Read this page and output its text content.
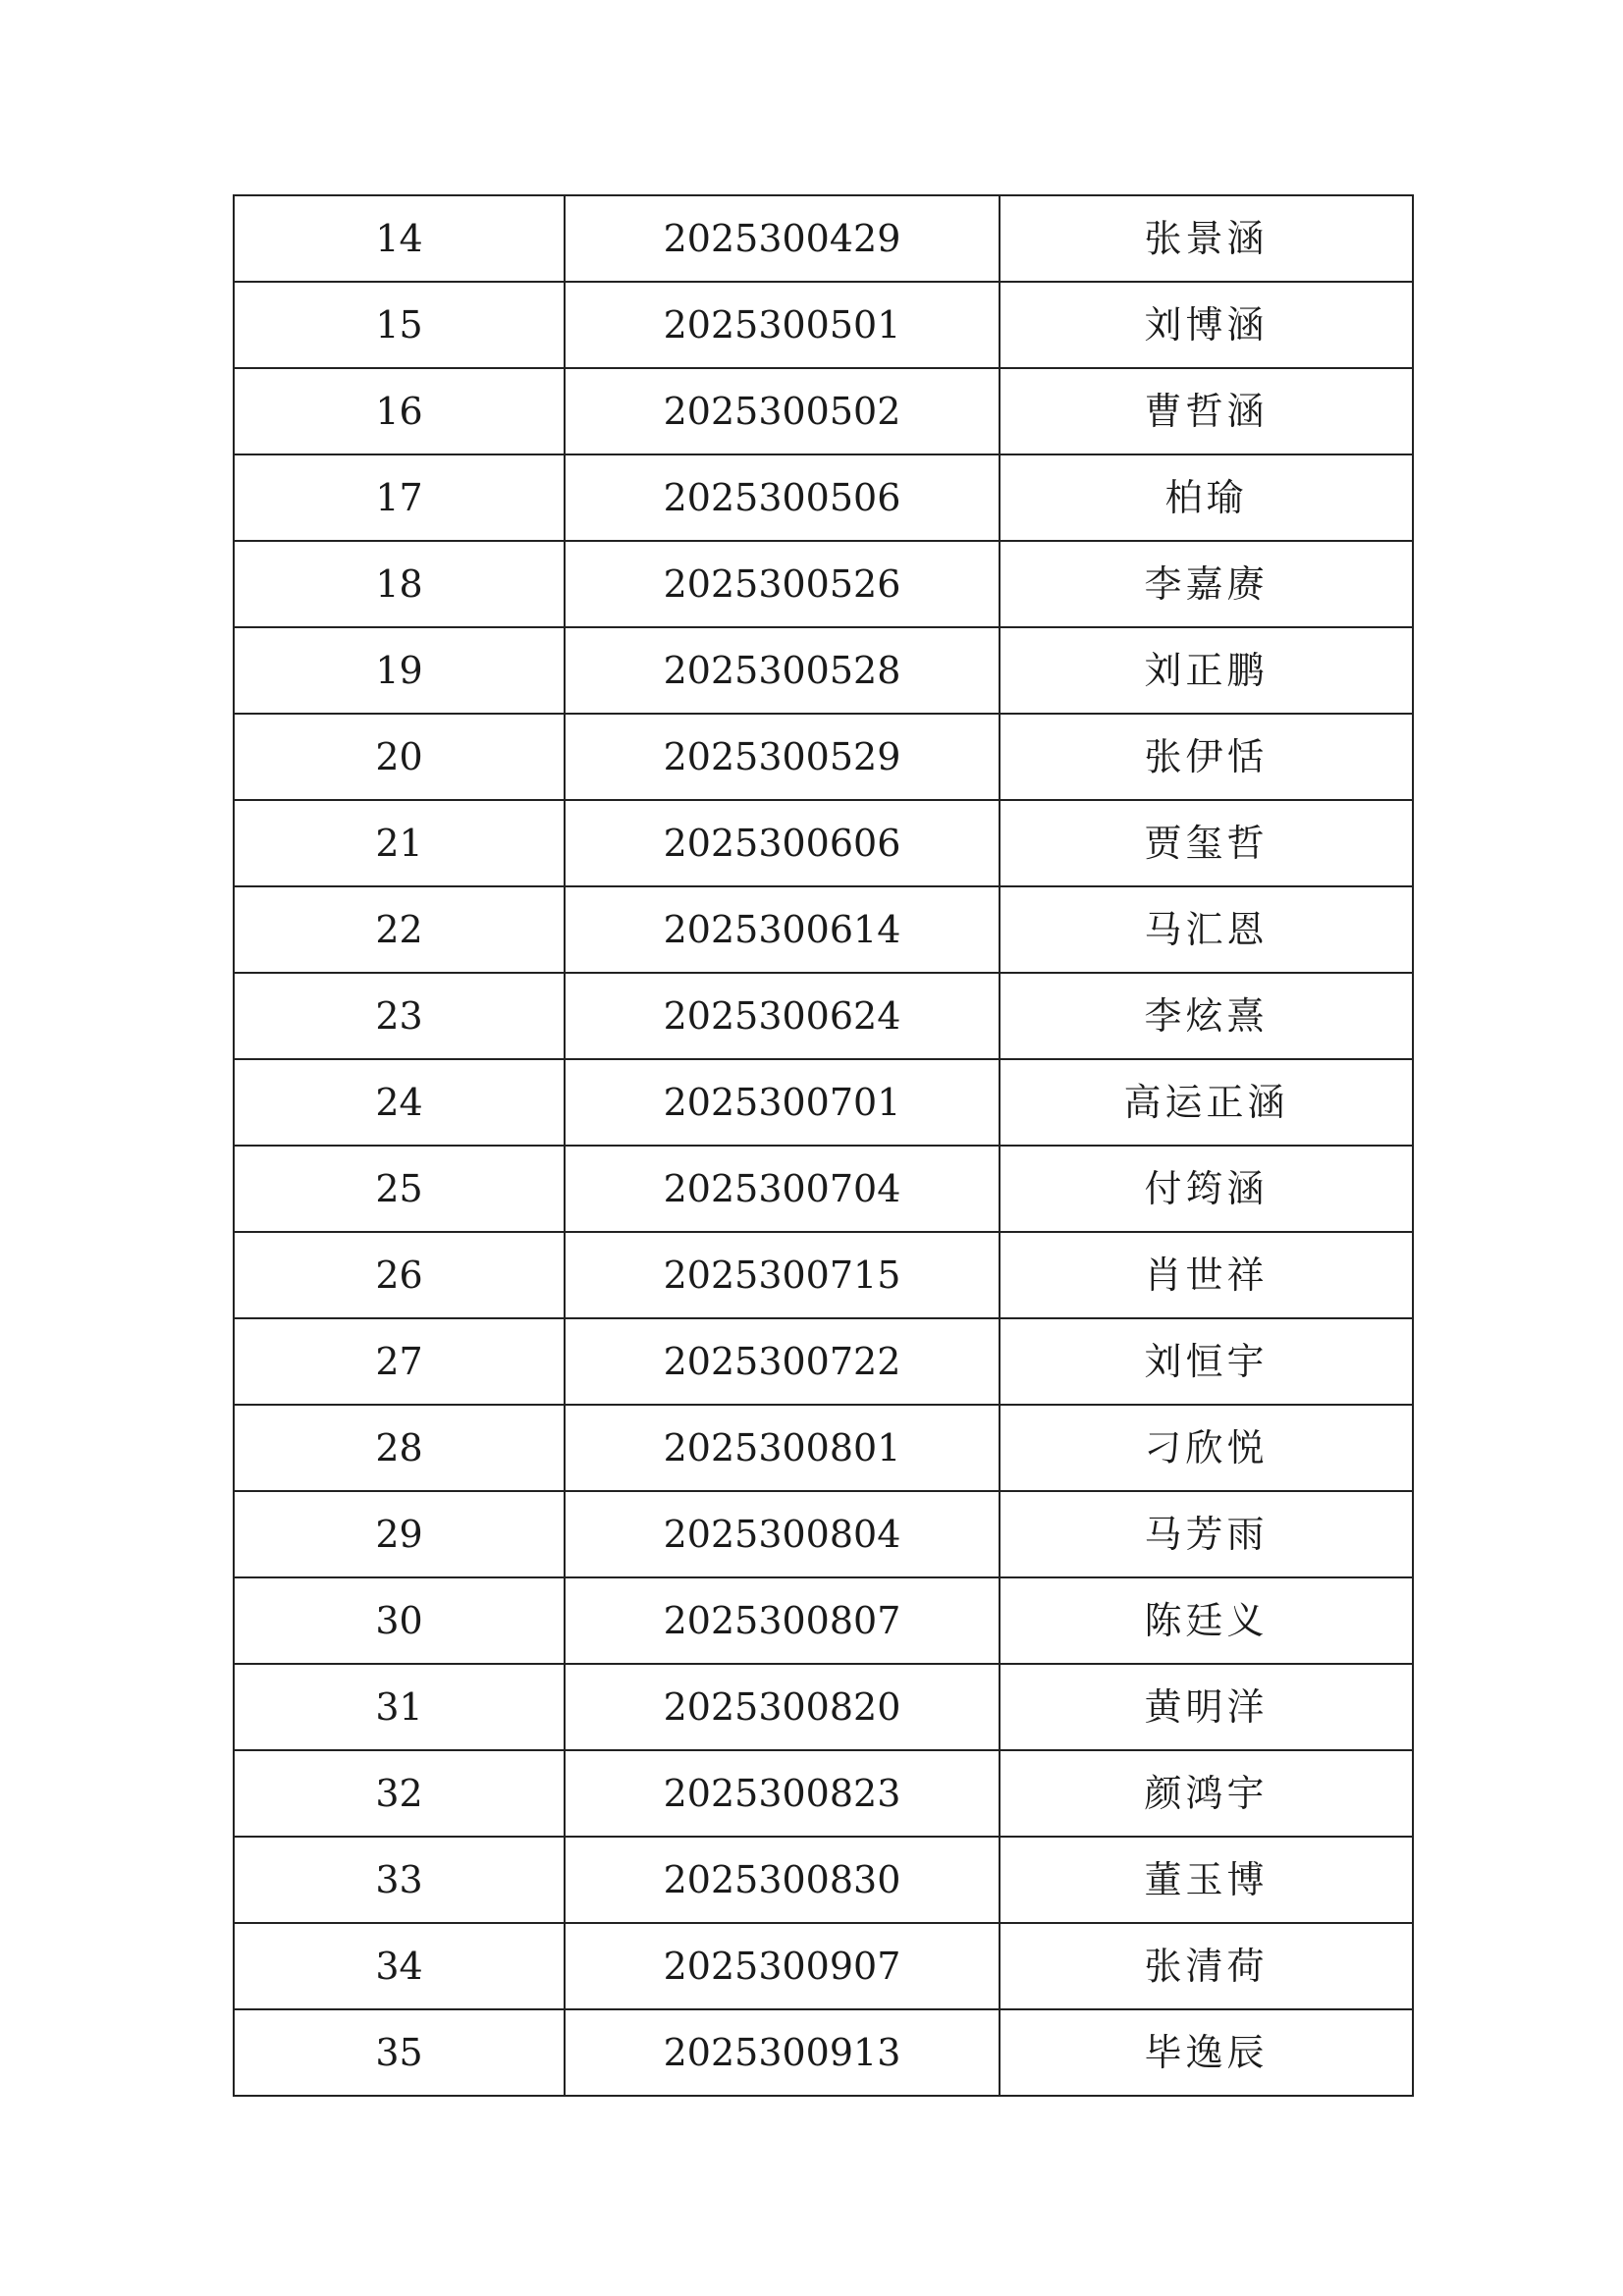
14	2025300429	张景涵
15	2025300501	刘博涵
16	2025300502	曹哲涵
17	2025300506	柏瑜
18	2025300526	李嘉赓
19	2025300528	刘正鹏
20	2025300529	张伊恬
21	2025300606	贾玺哲
22	2025300614	马汇恩
23	2025300624	李炫熹
24	2025300701	高运正涵
25	2025300704	付筠涵
26	2025300715	肖世祥
27	2025300722	刘恒宇
28	2025300801	刁欣悦
29	2025300804	马芳雨
30	2025300807	陈廷义
31	2025300820	黄明洋
32	2025300823	颜鸿宇
33	2025300830	董玉博
34	2025300907	张清荷
35	2025300913	毕逸辰
